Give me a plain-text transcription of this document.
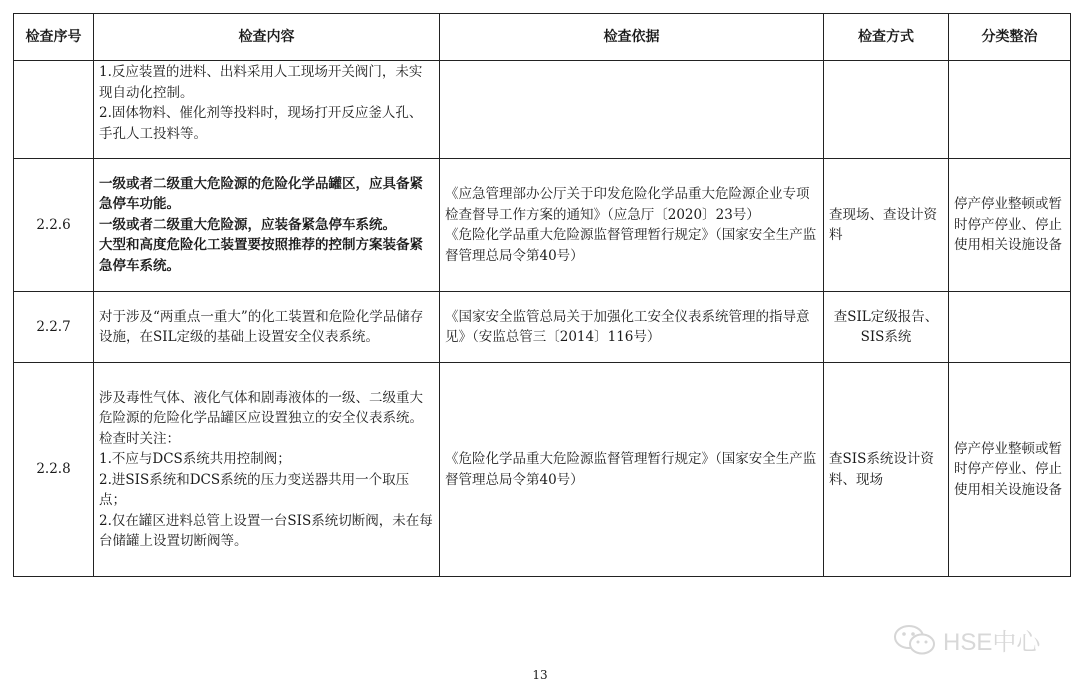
检查序号	检查内容	检查依据	检查方式	分类整治

	1.反应装置的进料、出料采用人工现场开关阀门，未实现自动化控制。
2.固体物料、催化剂等投料时，现场打开反应釜人孔、手孔人工投料等。			

2.2.6	一级或者二级重大危险源的危险化学品罐区，应具备紧急停车功能。
一级或者二级重大危险源，应装备紧急停车系统。
大型和高度危险化工装置要按照推荐的控制方案装备紧急停车系统。	《应急管理部办公厅关于印发危险化学品重大危险源企业专项检查督导工作方案的通知》（应急厅〔2020〕23号）
《危险化学品重大危险源监督管理暂行规定》（国家安全生产监督管理总局令第40号）	查现场、查设计资料	停产停业整顿或暂时停产停业、停止使用相关设施设备
2.2.7	对于涉及“两重点一重大”的化工装置和危险化学品储存设施，在SIL定级的基础上设置安全仪表系统。	《国家安全监管总局关于加强化工安全仪表系统管理的指导意见》（安监总管三〔2014〕116号）	查SIL定级报告、SIS系统	
2.2.8	涉及毒性气体、液化气体和剧毒液体的一级、二级重大危险源的危险化学品罐区应设置独立的安全仪表系统。
检查时关注：
1.不应与DCS系统共用控制阀；
2.进SIS系统和DCS系统的压力变送器共用一个取压点；
2.仅在罐区进料总管上设置一台SIS系统切断阀，未在每台储罐上设置切断阀等。	《危险化学品重大危险源监督管理暂行规定》（国家安全生产监督管理总局令第40号）	查SIS系统设计资料、现场	停产停业整顿或暂时停产停业、停止使用相关设施设备
HSE中心
13
